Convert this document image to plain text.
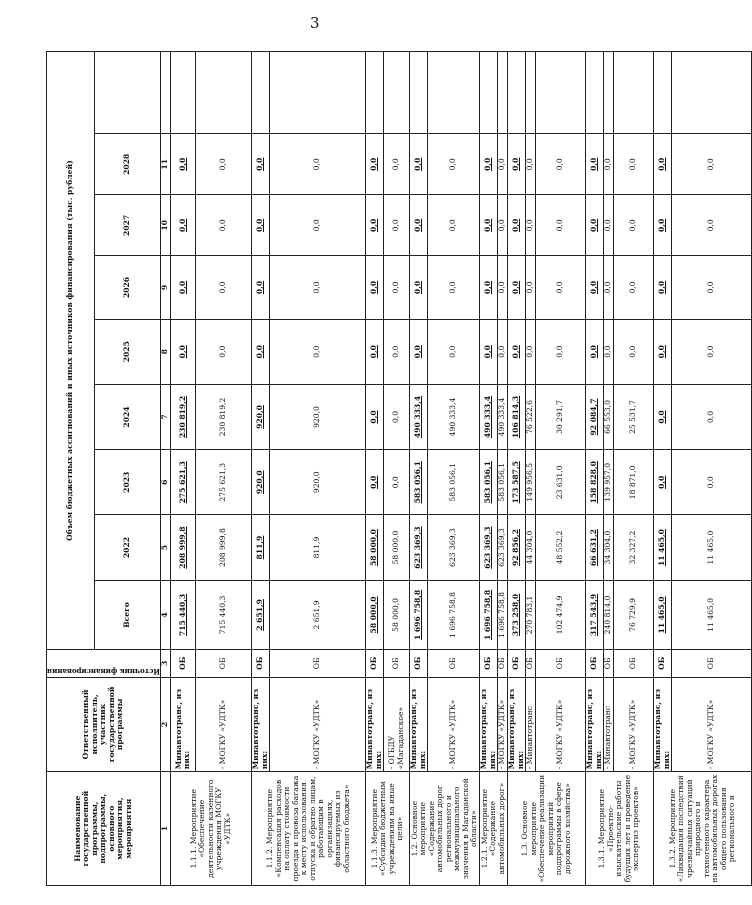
3
Наименование государственной программы, подпрограммы, основного мероприятия, мероприятия	Ответственный исполнитель, участник государственной программы	Источник финансирования	Объем бюджетных ассигнований и иных источников финансирования (тыс. рублей)								
			Всего	2022	2023	2024	2025	2026	2027	2028	
1	2	3	4	5	6	7	8	9	10	11	
1.1.1. Мероприятие «Обеспечение деятельности казенного учреждения МОГКУ «УДТК»	Минавтотранс, из них:	ОБ	715 440,3	208 999,8	275 621,3	230 819,2	0,0	0,0	0,0	0,0	
	- МОГКУ «УДТК»	ОБ	715 440,3	208 999,8	275 621,3	230 819,2	0,0	0,0	0,0	0,0	
1.1.2. Мероприятие «Компенсация расходов на оплату стоимости проезда и провоза багажа к месту использования отпуска и обратно лицам, работающим в организациях, финансируемых из областного бюджета»	Минавтотранс, из них:	ОБ	2 651,9	811,9	920,0	920,0	0,0	0,0	0,0	0,0	
	- МОГКУ «УДТК»	ОБ	2 651,9	811,9	920,0	920,0	0,0	0,0	0,0	0,0	
1.1.3. Мероприятие «Субсидии бюджетным учреждениям на иные цели»	Минавтотранс, из них:	ОБ	58 000,0	58 000,0	0,0	0,0	0,0	0,0	0,0	0,0	
	- ОГБДУ «Магаданское»	ОБ	58 000,0	58 000,0	0,0	0,0	0,0	0,0	0,0	0,0	
1.2. Основное мероприятие «Содержание автомобильных дорог регионального и межмуниципального значения в Магаданской области»	Минавтотранс, из них:	ОБ	1 696 758,8	623 369,3	583 056,1	490 333,4	0,0	0,0	0,0	0,0	
	- МОГКУ «УДТК»	ОБ	1 696 758,8	623 369,3	583 056,1	490 333,4	0,0	0,0	0,0	0,0	
1.2.1. Мероприятие «Содержание автомобильных дорог»	Минавтотранс, из них:	ОБ	1 696 758,8	623 369,3	583 056,1	490 333,4	0,0	0,0	0,0	0,0	
	- МОГКУ «УДТК»	ОБ	1 696 758,8	623 369,3	583 056,1	490 333,4	0,0	0,0	0,0	0,0	
1.3. Основное мероприятие «Обеспечение реализации мероприятий подпрограммы в сфере дорожного хозяйства»	Минавтотранс, из них:	ОБ	373 258,0	92 856,2	173 587,5	106 814,3	0,0	0,0	0,0	0,0	
	- Минавтотранс	ОБ	270 783,1	44 304,0	149 956,5	76 522,6	0,0	0,0	0,0	0,0	
	- МОГКУ «УДТК»	ОБ	102 474,9	48 552,2	23 631,0	30 291,7	0,0	0,0	0,0	0,0	
1.3.1. Мероприятие «Проектно-изыскательские работы будущих лет и проведение экспертиз проектов»	Минавтотранс, из них:	ОБ	317 543,9	66 631,2	158 828,0	92 084,7	0,0	0,0	0,0	0,0	
	- Минавтотранс	ОБ	240 814,0	34 304,0	139 957,0	66 553,0	0,0	0,0	0,0	0,0	
	- МОГКУ «УДТК»	ОБ	76 729,9	32 327,2	18 871,0	25 531,7	0,0	0,0	0,0	0,0	
1.3.2. Мероприятие «Ликвидация последствий чрезвычайных ситуаций природного и техногенного характера на автомобильных дорогах общего пользования регионального и	Минавтотранс, из них:	ОБ	11 465,0	11 465,0	0,0	0,0	0,0	0,0	0,0	0,0	
	- МОГКУ «УДТК»	ОБ	11 465,0	11 465,0	0,0	0,0	0,0	0,0	0,0	0,0	
